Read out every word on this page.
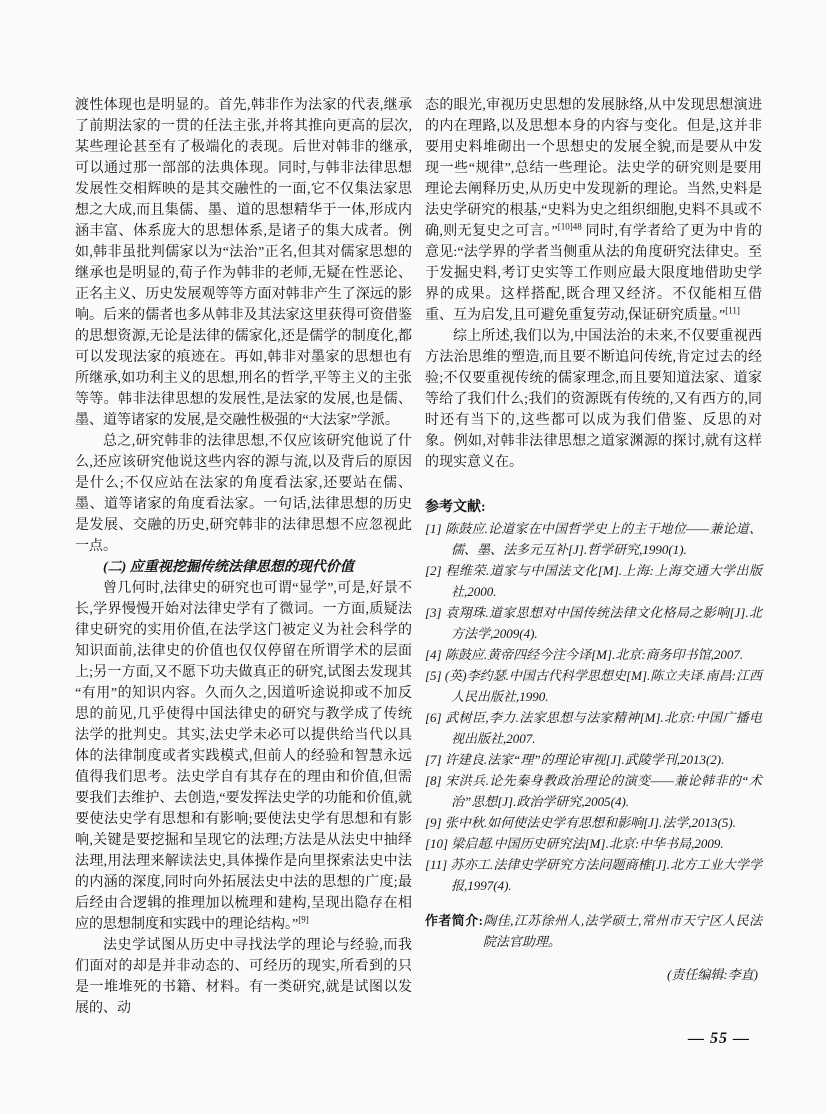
渡性体现也是明显的。首先,韩非作为法家的代表,继承了前期法家的一贯的任法主张,并将其推向更高的层次,某些理论甚至有了极端化的表现。后世对韩非的继承,可以通过那一部部的法典体现。同时,与韩非法律思想发展性交相辉映的是其交融性的一面,它不仅集法家思想之大成,而且集儒、墨、道的思想精华于一体,形成内涵丰富、体系庞大的思想体系,是诸子的集大成者。例如,韩非虽批判儒家以为“法治”正名,但其对儒家思想的继承也是明显的,荀子作为韩非的老师,无疑在性恶论、正名主义、历史发展观等等方面对韩非产生了深远的影响。后来的儒者也多从韩非及其法家这里获得可资借鉴的思想资源,无论是法律的儒家化,还是儒学的制度化,都可以发现法家的痕迹在。再如,韩非对墨家的思想也有所继承,如功利主义的思想,刑名的哲学,平等主义的主张等等。韩非法律思想的发展性,是法家的发展,也是儒、墨、道等诸家的发展,是交融性极强的“大法家”学派。

总之,研究韩非的法律思想,不仅应该研究他说了什么,还应该研究他说这些内容的源与流,以及背后的原因是什么;不仅应站在法家的角度看法家,还要站在儒、墨、道等诸家的角度看法家。一句话,法律思想的历史是发展、交融的历史,研究韩非的法律思想不应忽视此一点。

(二) 应重视挖掘传统法律思想的现代价值

曾几何时,法律史的研究也可谓“显学”,可是,好景不长,学界慢慢开始对法律史学有了微词。一方面,质疑法律史研究的实用价值,在法学这门被定义为社会科学的知识面前,法律史的价值也仅仅停留在所谓学术的层面上;另一方面,又不愿下功夫做真正的研究,试图去发现其“有用”的知识内容。久而久之,因道听途说抑或不加反思的前见,几乎使得中国法律史的研究与教学成了传统法学的批判史。其实,法史学未必可以提供给当代以具体的法律制度或者实践模式,但前人的经验和智慧永远值得我们思考。法史学自有其存在的理由和价值,但需要我们去维护、去创造,“要发挥法史学的功能和价值,就要使法史学有思想和有影响;要使法史学有思想和有影响,关键是要挖掘和呈现它的法理;方法是从法史中抽绎法理,用法理来解读法史,具体操作是向里探索法史中法的内涵的深度,同时向外拓展法史中法的思想的广度;最后经由合逻辑的推理加以梳理和建构,呈现出隐存在相应的思想制度和实践中的理论结构。”[9]

法史学试图从历史中寻找法学的理论与经验,而我们面对的却是并非动态的、可经历的现实,所看到的只是一堆堆死的书籍、材料。有一类研究,就是试图以发展的、动

态的眼光,审视历史思想的发展脉络,从中发现思想演进的内在理路,以及思想本身的内容与变化。但是,这并非要用史料堆砌出一个思想史的发展全貌,而是要从中发现一些“规律”,总结一些理论。法史学的研究则是要用理论去阐释历史,从历史中发现新的理论。当然,史料是法史学研究的根基,“史料为史之组织细胞,史料不具或不确,则无复史之可言。”$^{[10]48}$ 同时,有学者给了更为中肯的意见:“法学界的学者当侧重从法的角度研究法律史。至于发掘史料,考订史实等工作则应最大限度地借助史学界的成果。这样搭配,既合理又经济。不仅能相互借重、互为启发,且可避免重复劳动,保证研究质量。”[11]

综上所述,我们以为,中国法治的未来,不仅要重视西方法治思维的塑造,而且要不断追问传统,肯定过去的经验;不仅要重视传统的儒家理念,而且要知道法家、道家等给了我们什么;我们的资源既有传统的,又有西方的,同时还有当下的,这些都可以成为我们借鉴、反思的对象。例如,对韩非法律思想之道家渊源的探讨,就有这样的现实意义在。

参考文献:

[1] 陈鼓应.论道家在中国哲学史上的主干地位——兼论道、儒、墨、法多元互补[J].哲学研究,1990(1).
[2] 程维荣.道家与中国法文化[M].上海:上海交通大学出版社,2000.
[3] 袁翔珠.道家思想对中国传统法律文化格局之影响[J].北方法学,2009(4).
[4] 陈鼓应.黄帝四经今注今译[M].北京:商务印书馆,2007.
[5] (英)李约瑟.中国古代科学思想史[M].陈立夫译.南昌:江西人民出版社,1990.
[6] 武树臣,李力.法家思想与法家精神[M].北京:中国广播电视出版社,2007.
[7] 许建良.法家“理”的理论审视[J].武陵学刊,2013(2).
[8] 宋洪兵.论先秦身教政治理论的演变——兼论韩非的“术治”思想[J].政治学研究,2005(4).
[9] 张中秋.如何使法史学有思想和影响[J].法学,2013(5).
[10] 梁启超.中国历史研究法[M].北京:中华书局,2009.
[11] 苏亦工.法律史学研究方法问题商榷[J].北方工业大学学报,1997(4).

作者简介:陶佳,江苏徐州人,法学硕士,常州市天宁区人民法院法官助理。

(责任编辑:李直)

— 55 —
